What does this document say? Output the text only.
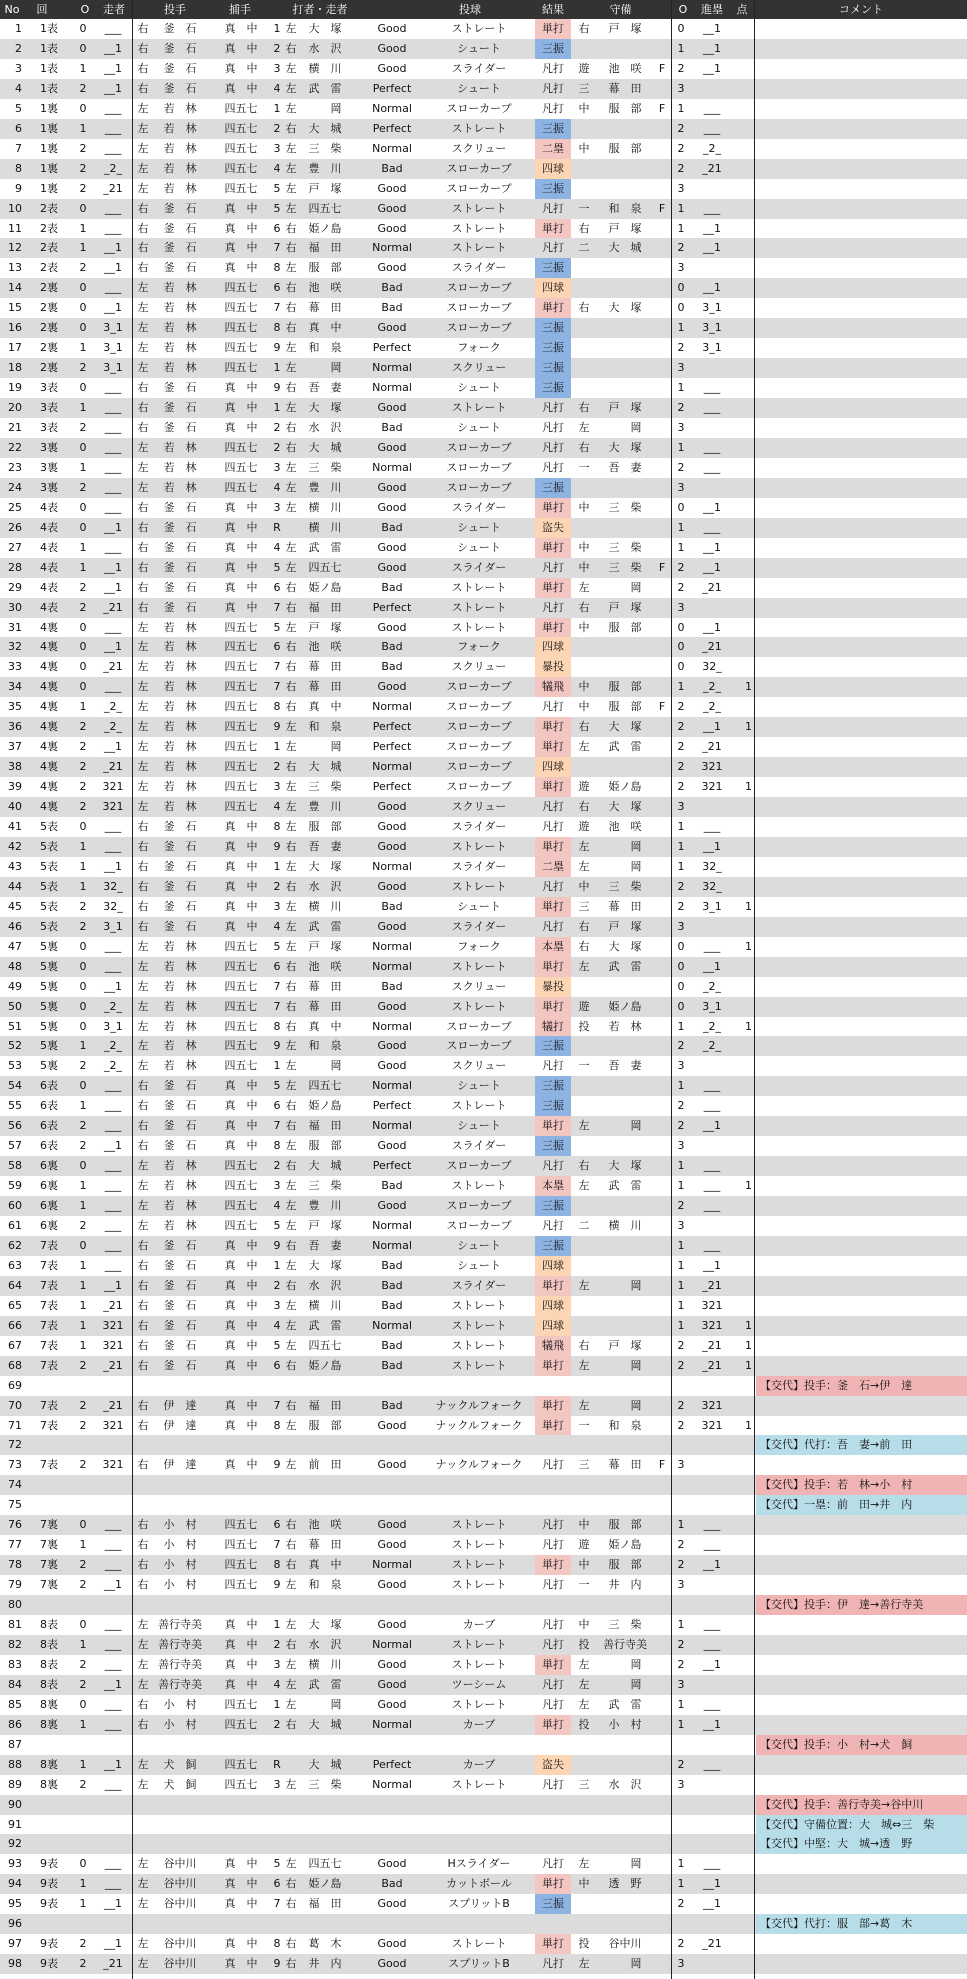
No	回	O	走者	投手	捕手	打者・走者	投球	結果	守備	O	進塁	点	コメント
1	1表	0	___	右	釜　石	真　中	1 左	大　塚	Good	ストレート	単打	右	戸　塚	0	__1
2	1表	0	__1	右	釜　石	真　中	2 右	水　沢	Good	シュート	三振	1	__1
3	1表	1	__1	右	釜　石	真　中	3 左	横　川	Good	スライダー	凡打	遊	池　咲	F	2	__1
4	1表	2	__1	右	釜　石	真　中	4 左	武　雷	Perfect	シュート	凡打	三	幕　田	3
5	1裏	0	___	左	若　林	四五七	1 左	　　岡	Normal	スローカーブ	凡打	中	服　部	F	1	___
6	1裏	1	___	左	若　林	四五七	2 右	大　城	Perfect	ストレート	三振	2	___
7	1裏	2	___	左	若　林	四五七	3 左	三　柴	Normal	スクリュー	二塁	中	服　部	2	_2_
8	1裏	2	_2_	左	若　林	四五七	4 左	豊　川	Bad	スローカーブ	四球	2	_21
9	1裏	2	_21	左	若　林	四五七	5 左	戸　塚	Good	スローカーブ	三振	3
10	2表	0	___	右	釜　石	真　中	5 左	四五七	Good	ストレート	凡打	一	和　泉	F	1	___
11	2表	1	___	右	釜　石	真　中	6 右	姫ノ島	Good	ストレート	単打	右	戸　塚	1	__1
12	2表	1	__1	右	釜　石	真　中	7 右	福　田	Normal	ストレート	凡打	二	大　城	2	__1
13	2表	2	__1	右	釜　石	真　中	8 左	服　部	Good	スライダー	三振	3
14	2裏	0	___	左	若　林	四五七	6 右	池　咲	Bad	スローカーブ	四球	0	__1
15	2裏	0	__1	左	若　林	四五七	7 右	幕　田	Bad	スローカーブ	単打	右	大　塚	0	3_1
16	2裏	0	3_1	左	若　林	四五七	8 右	真　中	Good	スローカーブ	三振	1	3_1
17	2裏	1	3_1	左	若　林	四五七	9 左	和　泉	Perfect	フォーク	三振	2	3_1
18	2裏	2	3_1	左	若　林	四五七	1 左	　　岡	Normal	スクリュー	三振	3
19	3表	0	___	右	釜　石	真　中	9 右	吾　妻	Normal	シュート	三振	1	___
20	3表	1	___	右	釜　石	真　中	1 左	大　塚	Good	ストレート	凡打	右	戸　塚	2	___
21	3表	2	___	右	釜　石	真　中	2 右	水　沢	Bad	シュート	凡打	左	　　岡	3
22	3裏	0	___	左	若　林	四五七	2 右	大　城	Good	スローカーブ	凡打	右	大　塚	1	___
23	3裏	1	___	左	若　林	四五七	3 左	三　柴	Normal	スローカーブ	凡打	一	吾　妻	2	___
24	3裏	2	___	左	若　林	四五七	4 左	豊　川	Good	スローカーブ	三振	3
25	4表	0	___	右	釜　石	真　中	3 左	横　川	Good	スライダー	単打	中	三　柴	0	__1
26	4表	0	__1	右	釜　石	真　中	R	横　川	Bad	シュート	盗失	1	___
27	4表	1	___	右	釜　石	真　中	4 左	武　雷	Good	シュート	単打	中	三　柴	1	__1
28	4表	1	__1	右	釜　石	真　中	5 左	四五七	Good	スライダー	凡打	中	三　柴	F	2	__1
29	4表	2	__1	右	釜　石	真　中	6 右	姫ノ島	Bad	ストレート	単打	左	　　岡	2	_21
30	4表	2	_21	右	釜　石	真　中	7 右	福　田	Perfect	ストレート	凡打	右	戸　塚	3
31	4裏	0	___	左	若　林	四五七	5 左	戸　塚	Good	ストレート	単打	中	服　部	0	__1
32	4裏	0	__1	左	若　林	四五七	6 右	池　咲	Bad	フォーク	四球	0	_21
33	4裏	0	_21	左	若　林	四五七	7 右	幕　田	Bad	スクリュー	暴投	0	32_
34	4裏	0	___	左	若　林	四五七	7 右	幕　田	Good	スローカーブ	犠飛	中	服　部	1	_2_	1
35	4裏	1	_2_	左	若　林	四五七	8 右	真　中	Normal	スローカーブ	凡打	中	服　部	F	2	_2_
36	4裏	2	_2_	左	若　林	四五七	9 左	和　泉	Perfect	スローカーブ	単打	右	大　塚	2	__1	1
37	4裏	2	__1	左	若　林	四五七	1 左	　　岡	Perfect	スローカーブ	単打	左	武　雷	2	_21
38	4裏	2	_21	左	若　林	四五七	2 右	大　城	Normal	スローカーブ	四球	2	321
39	4裏	2	321	左	若　林	四五七	3 左	三　柴	Perfect	スローカーブ	単打	遊	姫ノ島	2	321	1
40	4裏	2	321	左	若　林	四五七	4 左	豊　川	Good	スクリュー	凡打	右	大　塚	3
41	5表	0	___	右	釜　石	真　中	8 左	服　部	Good	スライダー	凡打	遊	池　咲	1	___
42	5表	1	___	右	釜　石	真　中	9 右	吾　妻	Good	ストレート	単打	左	　　岡	1	__1
43	5表	1	__1	右	釜　石	真　中	1 左	大　塚	Normal	スライダー	二塁	左	　　岡	1	32_
44	5表	1	32_	右	釜　石	真　中	2 右	水　沢	Good	ストレート	凡打	中	三　柴	2	32_
45	5表	2	32_	右	釜　石	真　中	3 左	横　川	Bad	シュート	単打	三	幕　田	2	3_1	1
46	5表	2	3_1	右	釜　石	真　中	4 左	武　雷	Good	スライダー	凡打	右	戸　塚	3
47	5裏	0	___	左	若　林	四五七	5 左	戸　塚	Normal	フォーク	本塁	右	大　塚	0	___	1
48	5裏	0	___	左	若　林	四五七	6 右	池　咲	Normal	ストレート	単打	左	武　雷	0	__1
49	5裏	0	__1	左	若　林	四五七	7 右	幕　田	Bad	スクリュー	暴投	0	_2_
50	5裏	0	_2_	左	若　林	四五七	7 右	幕　田	Good	ストレート	単打	遊	姫ノ島	0	3_1
51	5裏	0	3_1	左	若　林	四五七	8 右	真　中	Normal	スローカーブ	犠打	投	若　林	1	_2_	1
52	5裏	1	_2_	左	若　林	四五七	9 左	和　泉	Good	スローカーブ	三振	2	_2_
53	5裏	2	_2_	左	若　林	四五七	1 左	　　岡	Good	スクリュー	凡打	一	吾　妻	3
54	6表	0	___	右	釜　石	真　中	5 左	四五七	Normal	シュート	三振	1	___
55	6表	1	___	右	釜　石	真　中	6 右	姫ノ島	Perfect	ストレート	三振	2	___
56	6表	2	___	右	釜　石	真　中	7 右	福　田	Normal	シュート	単打	左	　　岡	2	__1
57	6表	2	__1	右	釜　石	真　中	8 左	服　部	Good	スライダー	三振	3
58	6裏	0	___	左	若　林	四五七	2 右	大　城	Perfect	スローカーブ	凡打	右	大　塚	1	___
59	6裏	1	___	左	若　林	四五七	3 左	三　柴	Bad	ストレート	本塁	左	武　雷	1	___	1
60	6裏	1	___	左	若　林	四五七	4 左	豊　川	Good	スローカーブ	三振	2	___
61	6裏	2	___	左	若　林	四五七	5 左	戸　塚	Normal	スローカーブ	凡打	二	横　川	3
62	7表	0	___	右	釜　石	真　中	9 右	吾　妻	Normal	シュート	三振	1	___
63	7表	1	___	右	釜　石	真　中	1 左	大　塚	Bad	シュート	四球	1	__1
64	7表	1	__1	右	釜　石	真　中	2 右	水　沢	Bad	スライダー	単打	左	　　岡	1	_21
65	7表	1	_21	右	釜　石	真　中	3 左	横　川	Bad	ストレート	四球	1	321
66	7表	1	321	右	釜　石	真　中	4 左	武　雷	Normal	ストレート	四球	1	321	1
67	7表	1	321	右	釜　石	真　中	5 左	四五七	Bad	ストレート	犠飛	右	戸　塚	2	_21	1
68	7表	2	_21	右	釜　石	真　中	6 右	姫ノ島	Bad	ストレート	単打	左	　　岡	2	_21	1
69	【交代】投手：釜　石→伊　達
70	7表	2	_21	右	伊　達	真　中	7 右	福　田	Bad	ナックルフォーク	単打	左	　　岡	2	321
71	7表	2	321	右	伊　達	真　中	8 左	服　部	Good	ナックルフォーク	単打	一	和　泉	2	321	1
72	【交代】代打：吾　妻→前　田
73	7表	2	321	右	伊　達	真　中	9 左	前　田	Good	ナックルフォーク	凡打	三	幕　田	F	3
74	【交代】投手：若　林→小　村
75	【交代】一塁：前　田→井　内
76	7裏	0	___	右	小　村	四五七	6 右	池　咲	Good	ストレート	凡打	中	服　部	1	___
77	7裏	1	___	右	小　村	四五七	7 右	幕　田	Good	ストレート	凡打	遊	姫ノ島	2	___
78	7裏	2	___	右	小　村	四五七	8 右	真　中	Normal	ストレート	単打	中	服　部	2	__1
79	7裏	2	__1	右	小　村	四五七	9 左	和　泉	Good	ストレート	凡打	一	井　内	3
80	【交代】投手：伊　達→善行寺美
81	8表	0	___	左 善行寺美	真　中	1 左	大　塚	Good	カーブ	凡打	中	三　柴	1	___
82	8表	1	___	左 善行寺美	真　中	2 右	水　沢	Normal	ストレート	凡打	投	善行寺美	2	___
83	8表	2	___	左 善行寺美	真　中	3 左	横　川	Good	ストレート	単打	左	　　岡	2	__1
84	8表	2	__1	左 善行寺美	真　中	4 左	武　雷	Good	ツーシーム	凡打	左	　　岡	3
85	8裏	0	___	右	小　村	四五七	1 左	　　岡	Good	ストレート	凡打	左	武　雷	1	___
86	8裏	1	___	右	小　村	四五七	2 右	大　城	Normal	カーブ	単打	投	小　村	1	__1
87	【交代】投手：小　村→犬　飼
88	8裏	1	__1	左	犬　飼	四五七	R	大　城	Perfect	カーブ	盗失	2	___
89	8裏	2	___	左	犬　飼	四五七	3 左	三　柴	Normal	ストレート	凡打	三	水　沢	3
90	【交代】投手：善行寺美→谷中川
91	【交代】守備位置：大　城⇔三　柴
92	【交代】中堅：大　城→透　野
93	9表	0	___	左	谷中川	真　中	5 左	四五七	Good	Hスライダー	凡打	左	　　岡	1	___
94	9表	1	___	左	谷中川	真　中	6 右	姫ノ島	Bad	カットボール	単打	中	透　野	1	__1
95	9表	1	__1	左	谷中川	真　中	7 右	福　田	Good	スプリットB	三振	2	__1
96	【交代】代打：服　部→葛　木
97	9表	2	__1	左	谷中川	真　中	8 右	葛　木	Good	ストレート	単打	投	谷中川	2	_21
98	9表	2	_21	左	谷中川	真　中	9 右	井　内	Good	スプリットB	凡打	左	　　岡	3
